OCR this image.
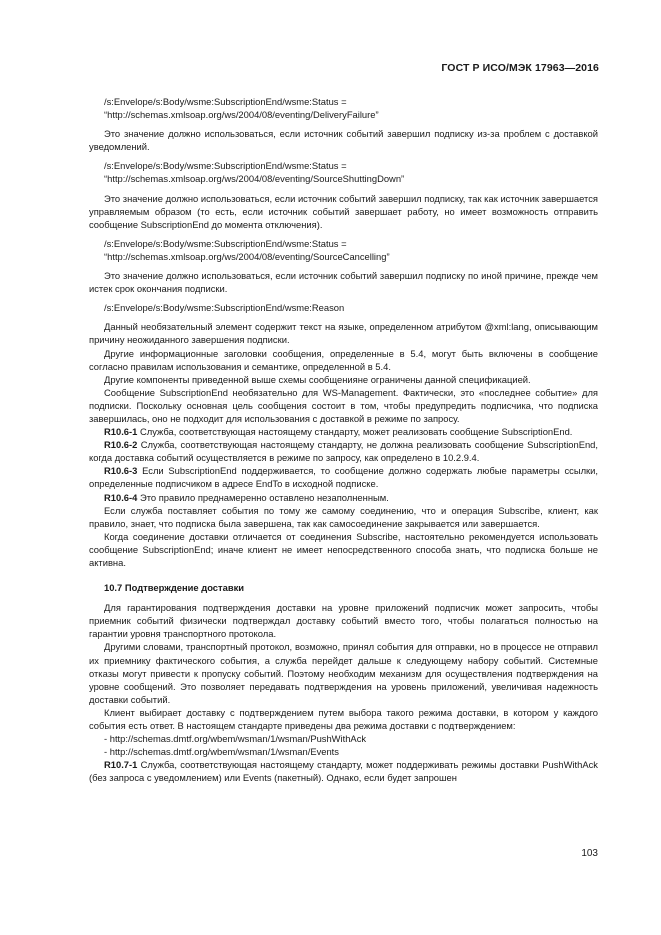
ГОСТ Р ИСО/МЭК 17963—2016

/s:Envelope/s:Body/wsme:SubscriptionEnd/wsme:Status =
“http://schemas.xmlsoap.org/ws/2004/08/eventing/DeliveryFailure”

Это значение должно использоваться, если источник событий завершил подписку из-за проблем с доставкой уведомлений.

/s:Envelope/s:Body/wsme:SubscriptionEnd/wsme:Status =
“http://schemas.xmlsoap.org/ws/2004/08/eventing/SourceShuttingDown”

Это значение должно использоваться, если источник событий завершил подписку, так как источник завершается управляемым образом (то есть, если источник событий завершает работу, но имеет возможность отправить сообщение SubscriptionEnd до момента отключения).

/s:Envelope/s:Body/wsme:SubscriptionEnd/wsme:Status =
“http://schemas.xmlsoap.org/ws/2004/08/eventing/SourceCancelling”

Это значение должно использоваться, если источник событий завершил подписку по иной причине, прежде чем истек срок окончания подписки.

/s:Envelope/s:Body/wsme:SubscriptionEnd/wsme:Reason

Данный необязательный элемент содержит текст на языке, определенном атрибутом @xml:lang, описывающим причину неожиданного завершения подписки.

Другие информационные заголовки сообщения, определенные в 5.4, могут быть включены в сообщение согласно правилам использования и семантике, определенной в 5.4.

Другие компоненты приведенной выше схемы сообщенияне ограничены данной спецификацией.

Сообщение SubscriptionEnd необязательно для WS-Management. Фактически, это «последнее событие» для подписки. Поскольку основная цель сообщения состоит в том, чтобы предупредить подписчика, что подписка завершилась, оно не подходит для использования с доставкой в режиме по запросу.

R10.6-1 Служба, соответствующая настоящему стандарту, может реализовать сообщение SubscriptionEnd.

R10.6-2 Служба, соответствующая настоящему стандарту, не должна реализовать сообщение SubscriptionEnd, когда доставка событий осуществляется в режиме по запросу, как определено в 10.2.9.4.

R10.6-3 Если SubscriptionEnd поддерживается, то сообщение должно содержать любые параметры ссылки, определенные подписчиком в адресе EndTo в исходной подписке.

R10.6-4 Это правило преднамеренно оставлено незаполненным.

Если служба поставляет события по тому же самому соединению, что и операция Subscribe, клиент, как правило, знает, что подписка была завершена, так как самосоединение закрывается или завершается.

Когда соединение доставки отличается от соединения Subscribe, настоятельно рекомендуется использовать сообщение SubscriptionEnd; иначе клиент не имеет непосредственного способа знать, что подписка больше не активна.

10.7 Подтверждение доставки

Для гарантирования подтверждения доставки на уровне приложений подписчик может запросить, чтобы приемник событий физически подтверждал доставку событий вместо того, чтобы полагаться полностью на гарантии уровня транспортного протокола.

Другими словами, транспортный протокол, возможно, принял события для отправки, но в процессе не отправил их приемнику фактического события, а служба перейдет дальше к следующему набору событий. Системные отказы могут привести к пропуску событий. Поэтому необходим механизм для осуществления подтверждения на уровне сообщений. Это позволяет передавать подтверждения на уровень приложений, увеличивая надежность доставки событий.

Клиент выбирает доставку с подтверждением путем выбора такого режима доставки, в котором у каждого события есть ответ. В настоящем стандарте приведены два режима доставки с подтверждением:

- http://schemas.dmtf.org/wbem/wsman/1/wsman/PushWithAck

- http://schemas.dmtf.org/wbem/wsman/1/wsman/Events

R10.7-1 Служба, соответствующая настоящему стандарту, может поддерживать режимы доставки PushWithAck (без запроса с уведомлением) или Events (пакетный). Однако, если будет запрошен

103
